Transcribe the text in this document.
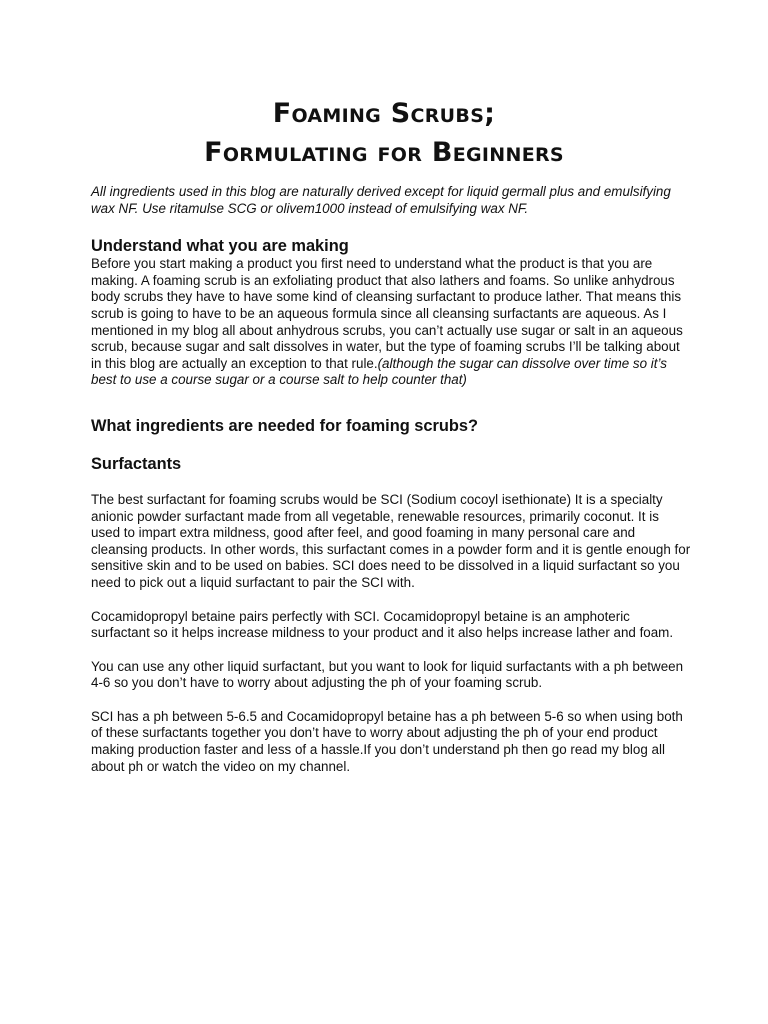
Foaming Scrubs;
Formulating for Beginners

All ingredients used in this blog are naturally derived except for liquid germall plus and emulsifying wax NF. Use ritamulse SCG or olivem1000 instead of emulsifying wax NF.

Understand what you are making

Before you start making a product you first need to understand what the product is that you are making. A foaming scrub is an exfoliating product that also lathers and foams. So unlike anhydrous body scrubs they have to have some kind of cleansing surfactant to produce lather. That means this scrub is going to have to be an aqueous formula since all cleansing surfactants are aqueous. As I mentioned in my blog all about anhydrous scrubs, you can’t actually use sugar or salt in an aqueous scrub, because sugar and salt dissolves in water, but the type of foaming scrubs I’ll be talking about in this blog are actually an exception to that rule.(although the sugar can dissolve over time so it’s best to use a course sugar or a course salt to help counter that)

What ingredients are needed for foaming scrubs?
Surfactants

The best surfactant for foaming scrubs would be SCI (Sodium cocoyl isethionate) It is a specialty anionic powder surfactant made from all vegetable, renewable resources, primarily coconut. It is used to impart extra mildness, good after feel, and good foaming in many personal care and cleansing products. In other words, this surfactant comes in a powder form and it is gentle enough for sensitive skin and to be used on babies. SCI does need to be dissolved in a liquid surfactant so you need to pick out a liquid surfactant to pair the SCI with.

Cocamidopropyl betaine pairs perfectly with SCI. Cocamidopropyl betaine is an amphoteric surfactant so it helps increase mildness to your product and it also helps increase lather and foam.

You can use any other liquid surfactant, but you want to look for liquid surfactants with a ph between 4-6 so you don’t have to worry about adjusting the ph of your foaming scrub.

SCI has a ph between 5-6.5 and Cocamidopropyl betaine has a ph between 5-6 so when using both of these surfactants together you don’t have to worry about adjusting the ph of your end product making production faster and less of a hassle.If you don’t understand ph then go read my blog all about ph or watch the video on my channel.
